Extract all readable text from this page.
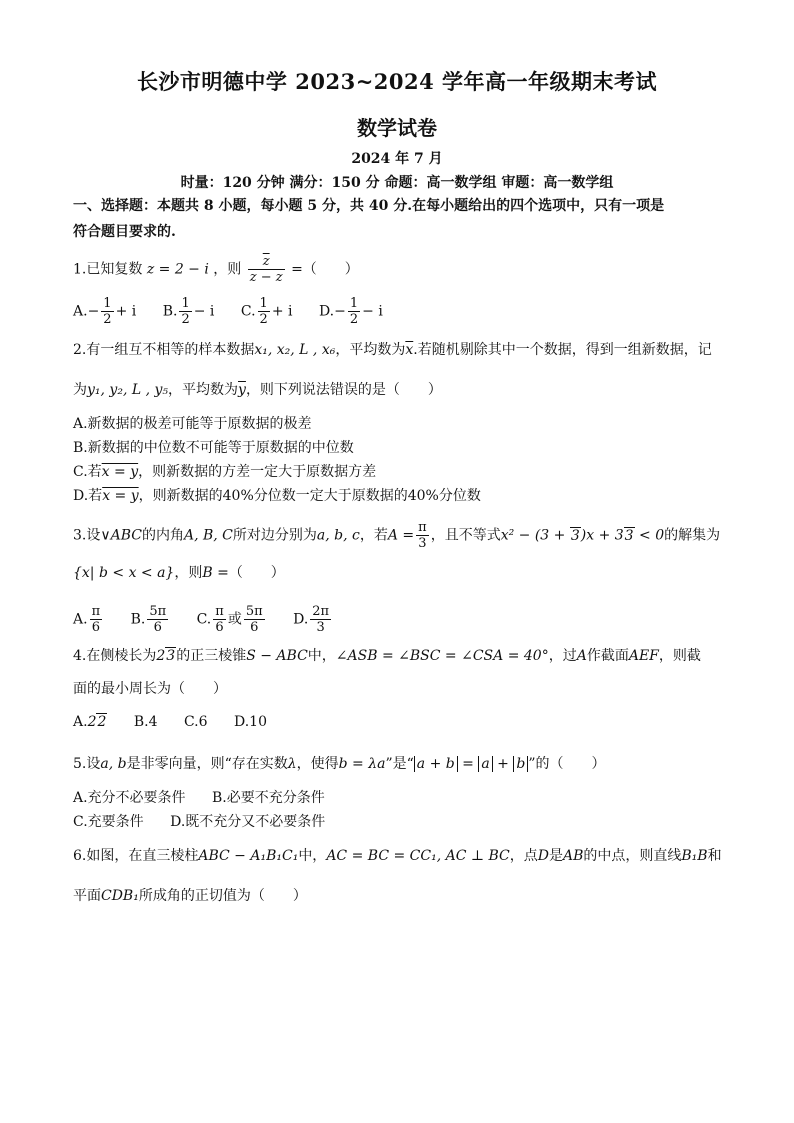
长沙市明德中学 2023~2024 学年高一年级期末考试
数学试卷
2024 年 7 月
时量：120 分钟 满分：150 分 命题：高一数学组 审题：高一数学组
一、选择题：本题共 8 小题，每小题 5 分，共 40 分.在每小题给出的四个选项中，只有一项是
符合题目要求的.
1.已知复数 z = 2 − i ，则 $\frac{\overline{z}}{z - z}$ =（　　）
$A.- \frac{1}{2} + i$ B. $\frac{1}{2} - i$ C. $\frac{1}{2} + i$ $D.- \frac{1}{2} - i$
2.有一组互不相等的样本数据x₁, x₂, L , x₆，平均数为$\overline{x}$.若随机剔除其中一个数据，得到一组新数据，记
为y₁, y₂, L , y₅，平均数为$\overline{y}$，则下列说法错误的是（　　）
A.新数据的极差可能等于原数据的极差
B.新数据的中位数不可能等于原数据的中位数
C.若x = y，则新数据的方差一定大于原数据方差
D.若x = y，则新数据的40%分位数一定大于原数据的40%分位数
3.设∨ABC的内角A, B, C所对边分别为a, b, c，若$A = \frac{\pi}{3}$ ，且不等式x² − (3 + 3)x + 33 < 0的解集为
{x| b < x < a}，则B =（　　）
A. $\frac{\pi}{6} B$. $\frac{5\pi}{6} C$. $\frac{\pi}{6}$ 或 $\frac{5\pi}{6} D$. $\frac{2\pi}{3}$
4.在侧棱长为23的正三棱锥S − ABC中，∠ASB = ∠BSC = ∠CSA = 40°，过A作截面AEF，则截
面的最小周长为（　　）
A.22 B.4 C.6 D.10
5.设a, b是非零向量，则“存在实数λ，使得b = λa”是“ a + b = a + b ”的（　　）
A.充分不必要条件 B.必要不充分条件
C.充要条件 D.既不充分又不必要条件
6.如图，在直三棱柱ABC − A₁B₁C₁中，AC = BC = CC₁, AC ⊥ BC，点D是AB的中点，则直线B₁B和
平面CDB₁所成角的正切值为（　　）
